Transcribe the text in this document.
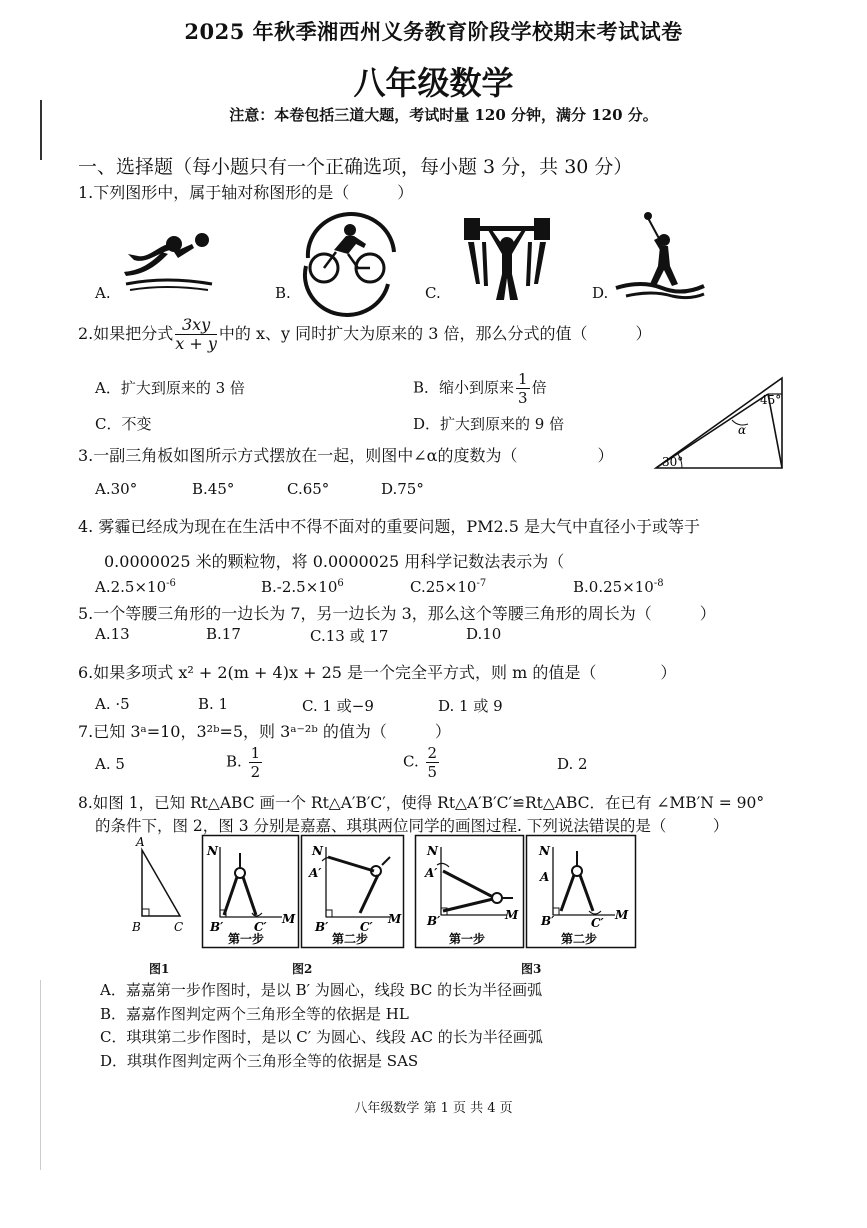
2025 年秋季湘西州义务教育阶段学校期末考试试卷
八年级数学
注意：本卷包括三道大题，考试时量 120 分钟，满分 120 分。
一、选择题（每小题只有一个正确选项，每小题 3 分，共 30 分）
1.下列图形中，属于轴对称图形的是（　　　）
A.	B.	C.	D.
2.如果把分式 $\frac{3xy}{x + y}$ 中的 x、y 同时扩大为原来的 3 倍，那么分式的值（　　　）
A．扩大到原来的 3 倍	B．缩小到原来 $\frac{1}{3}$ 倍
C．不变	D．扩大到原来的 9 倍
45°
30°
α
3.一副三角板如图所示方式摆放在一起，则图中∠α的度数为（　　　　　）
A.30°	B.45°	C.65°	D.75°
4. 雾霾已经成为现在在生活中不得不面对的重要问题，PM2.5 是大气中直径小于或等于
0.0000025 米的颗粒物，将 0.0000025 用科学记数法表示为（
$A.2.5\times 10^{-6}$	$B.-2.5\times 10^6$	$C.25\times 10^{-7}$	$B.0.25\times 10^{-8}$
5.一个等腰三角形的一边长为 7，另一边长为 3，那么这个等腰三角形的周长为（　　　）
A.13	B.17	C.13 或 17	D.10
6.如果多项式 x² + 2(m + 4)x + 25 是一个完全平方式，则 m 的值是（　　　　）
A. ·5	B. 1	C. 1 或−9	D. 1 或 9
7.已知 3ᵃ=10，3²ᵇ=5，则 3ᵃ⁻²ᵇ 的值为（　　　）
A. 5	B. $\frac{1}{2}$	C. $\frac{2}{5}$	D. 2
8.如图 1，已知 Rt△ABC 画一个 Rt△A′B′C′，使得 Rt△A′B′C′≌Rt△ABC．在已有 ∠MB′N = 90°
的条件下，图 2，图 3 分别是嘉嘉、琪琪两位同学的画图过程. 下列说法错误的是（　　　）
A
B	C
N
B′	C′
M
第一步
N
A′
B′	C′
M
第二步
N
A′
B′	M
第一步
N
A
B′	C′
M
第二步
图1	图2	图3
A．嘉嘉第一步作图时，是以 B′ 为圆心，线段 BC 的长为半径画弧
B．嘉嘉作图判定两个三角形全等的依据是 HL
C．琪琪第二步作图时，是以 C′ 为圆心、线段 AC 的长为半径画弧
D．琪琪作图判定两个三角形全等的依据是 SAS
八年级数学 第 1 页 共 4 页
